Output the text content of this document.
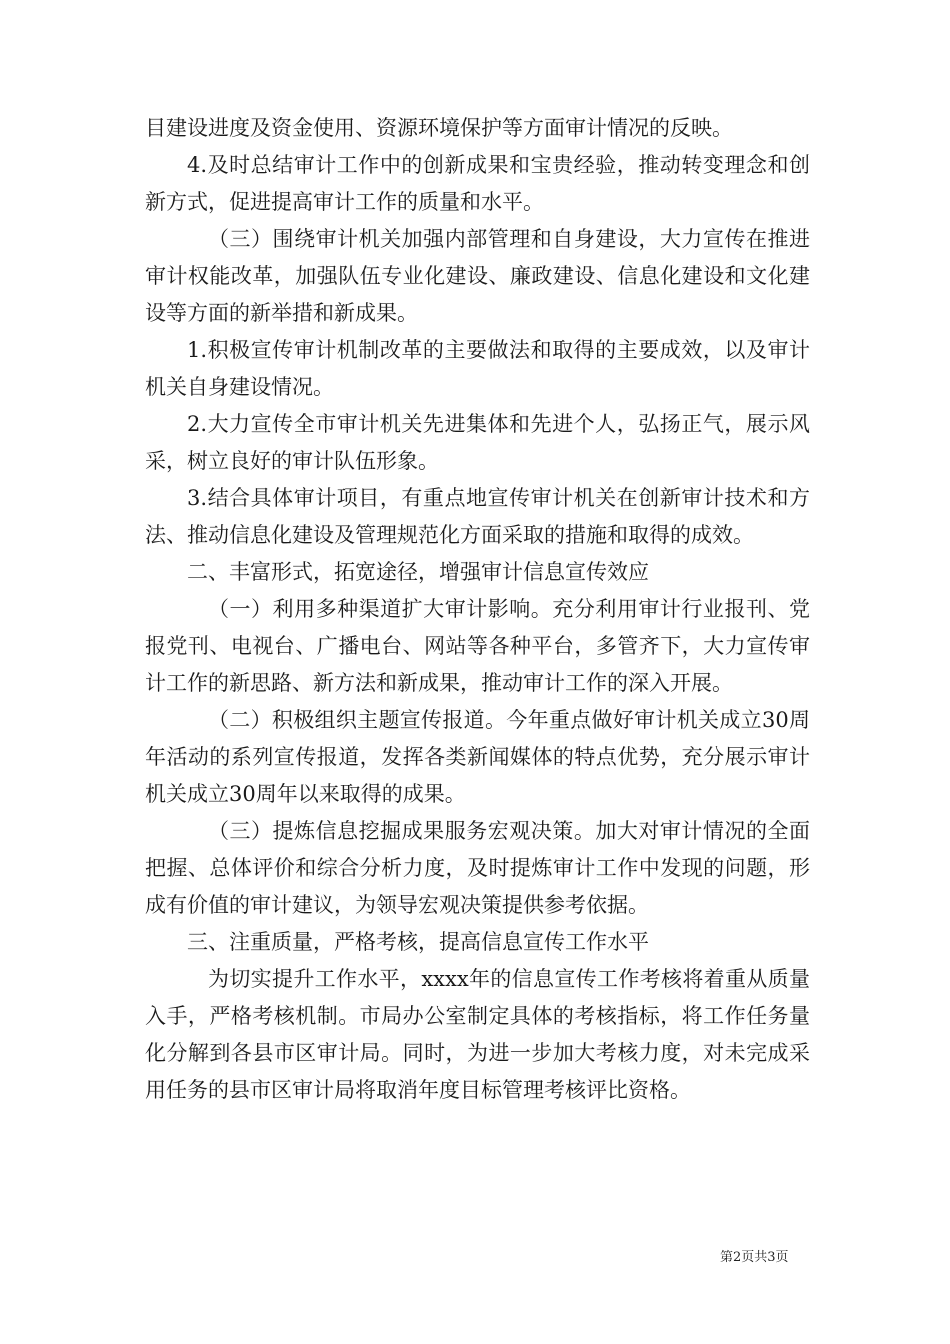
目建设进度及资金使用、资源环境保护等方面审计情况的反映。

4.及时总结审计工作中的创新成果和宝贵经验，推动转变理念和创新方式，促进提高审计工作的质量和水平。

（三）围绕审计机关加强内部管理和自身建设，大力宣传在推进审计权能改革，加强队伍专业化建设、廉政建设、信息化建设和文化建设等方面的新举措和新成果。

1.积极宣传审计机制改革的主要做法和取得的主要成效，以及审计机关自身建设情况。

2.大力宣传全市审计机关先进集体和先进个人，弘扬正气，展示风采，树立良好的审计队伍形象。

3.结合具体审计项目，有重点地宣传审计机关在创新审计技术和方法、推动信息化建设及管理规范化方面采取的措施和取得的成效。

二、丰富形式，拓宽途径，增强审计信息宣传效应

（一）利用多种渠道扩大审计影响。充分利用审计行业报刊、党报党刊、电视台、广播电台、网站等各种平台，多管齐下，大力宣传审计工作的新思路、新方法和新成果，推动审计工作的深入开展。

（二）积极组织主题宣传报道。今年重点做好审计机关成立30周年活动的系列宣传报道，发挥各类新闻媒体的特点优势，充分展示审计机关成立30周年以来取得的成果。

（三）提炼信息挖掘成果服务宏观决策。加大对审计情况的全面把握、总体评价和综合分析力度，及时提炼审计工作中发现的问题，形成有价值的审计建议，为领导宏观决策提供参考依据。

三、注重质量，严格考核，提高信息宣传工作水平

为切实提升工作水平，xxxx年的信息宣传工作考核将着重从质量入手，严格考核机制。市局办公室制定具体的考核指标，将工作任务量化分解到各县市区审计局。同时，为进一步加大考核力度，对未完成采用任务的县市区审计局将取消年度目标管理考核评比资格。

第2页共3页
